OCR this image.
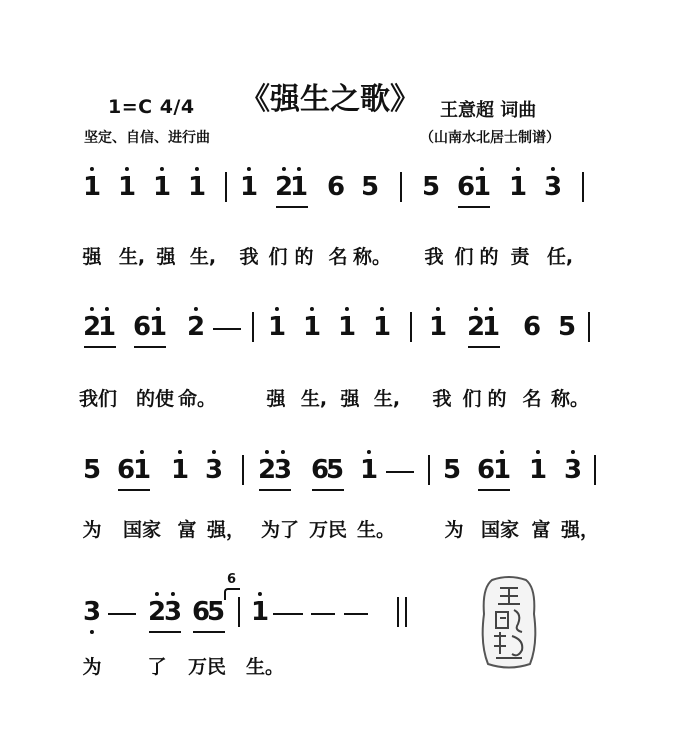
1=C 4/4 《强生之歌》 王意超 词曲
坚定、自信、进行曲	（山南水北居士制谱）
1 1 1 1 1 2
1 6 5 5 6
1 1 3
强 生, 强 生, 我 们 的 名 称。 我 们 的 责 任,
2
1 6
1 2 1 1 1 1 1 2
1 6 5
我们 的使 命。	强 生, 强 生, 我 们 的 名 称。
5 6
1 1 3 2
3 6
5 1 5 6
1 1 3
为 国家 富 强， 为了 万民 生。	为 国家 富 强，
3 2
3 6
5 1
6
为 了 万民 生。
